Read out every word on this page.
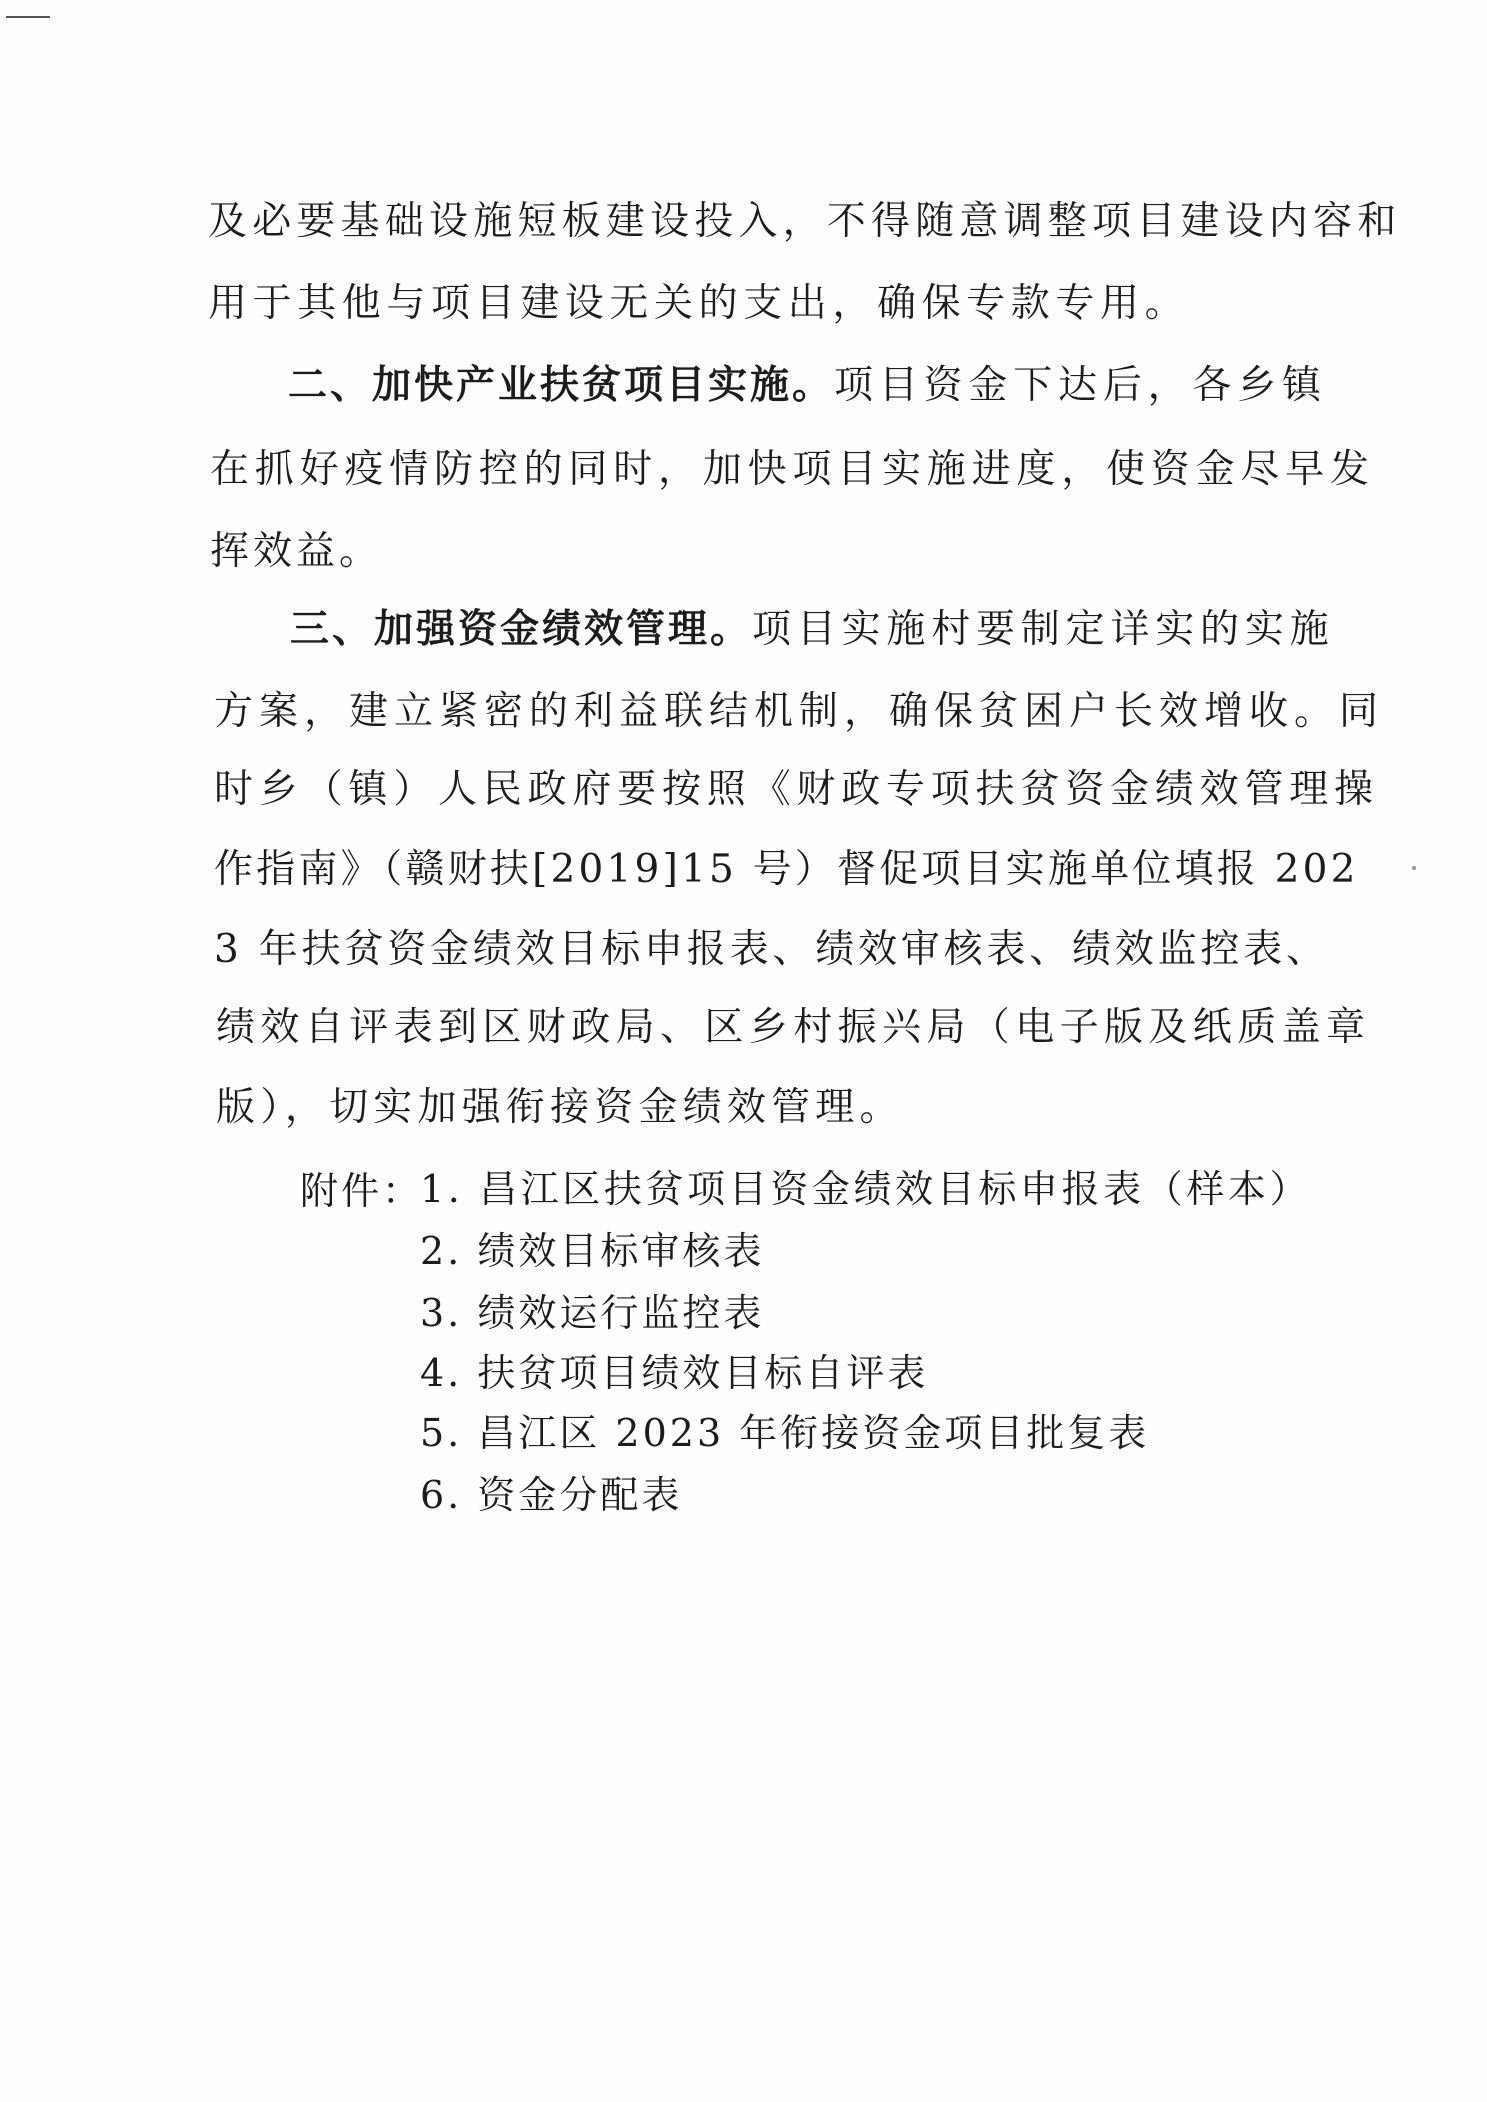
及必要基础设施短板建设投入，不得随意调整项目建设内容和
用于其他与项目建设无关的支出，确保专款专用。
二、加快产业扶贫项目实施。项目资金下达后，各乡镇
在抓好疫情防控的同时，加快项目实施进度，使资金尽早发
挥效益。
三、加强资金绩效管理。项目实施村要制定详实的实施
方案，建立紧密的利益联结机制，确保贫困户长效增收。同
时乡（镇）人民政府要按照《财政专项扶贫资金绩效管理操
作指南》（赣财扶[2019]15 号）督促项目实施单位填报 202
3 年扶贫资金绩效目标申报表、绩效审核表、绩效监控表、
绩效自评表到区财政局、区乡村振兴局（电子版及纸质盖章
版），切实加强衔接资金绩效管理。
附件：
1. 昌江区扶贫项目资金绩效目标申报表（样本）
2. 绩效目标审核表
3. 绩效运行监控表
4. 扶贫项目绩效目标自评表
5. 昌江区 2023 年衔接资金项目批复表
6. 资金分配表
